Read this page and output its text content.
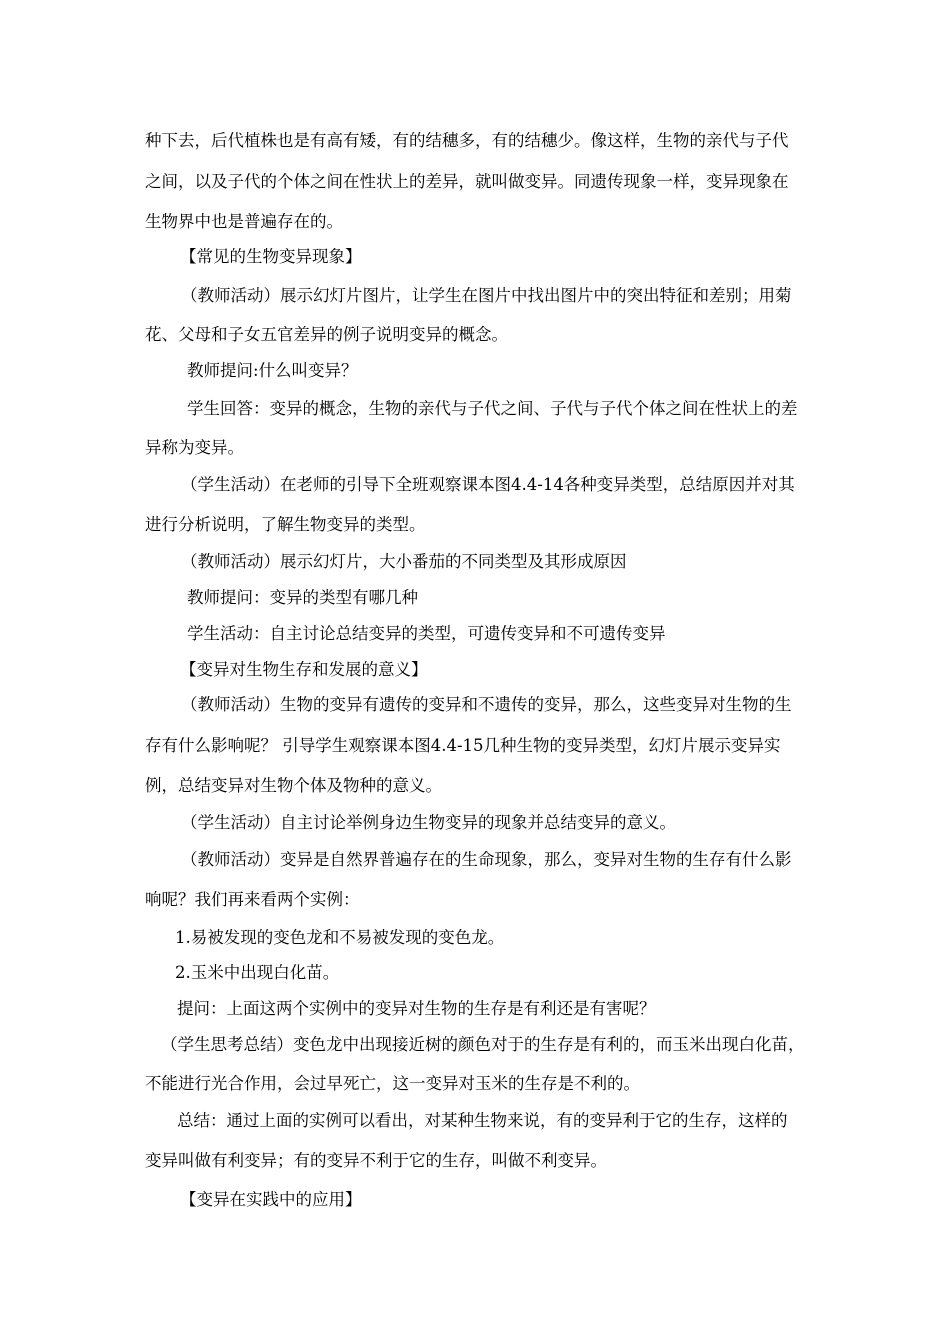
种下去，后代植株也是有高有矮，有的结穗多，有的结穗少。像这样，生物的亲代与子代
之间，以及子代的个体之间在性状上的差异，就叫做变异。同遗传现象一样，变异现象在
生物界中也是普遍存在的。
【常见的生物变异现象】
（教师活动）展示幻灯片图片，让学生在图片中找出图片中的突出特征和差别；用菊
花、父母和子女五官差异的例子说明变异的概念。
教师提问:什么叫变异？
学生回答：变异的概念，生物的亲代与子代之间、子代与子代个体之间在性状上的差
异称为变异。
（学生活动）在老师的引导下全班观察课本图4.4-14各种变异类型，总结原因并对其
进行分析说明，了解生物变异的类型。
（教师活动）展示幻灯片，大小番茄的不同类型及其形成原因
教师提问：变异的类型有哪几种
学生活动：自主讨论总结变异的类型，可遗传变异和不可遗传变异
【变异对生物生存和发展的意义】
（教师活动）生物的变异有遗传的变异和不遗传的变异，那么，这些变异对生物的生
存有什么影响呢？ 引导学生观察课本图4.4-15几种生物的变异类型，幻灯片展示变异实
例，总结变异对生物个体及物种的意义。
（学生活动）自主讨论举例身边生物变异的现象并总结变异的意义。
（教师活动）变异是自然界普遍存在的生命现象，那么，变异对生物的生存有什么影
响呢？我们再来看两个实例：
1.易被发现的变色龙和不易被发现的变色龙。
2.玉米中出现白化苗。
提问：上面这两个实例中的变异对生物的生存是有利还是有害呢？
（学生思考总结）变色龙中出现接近树的颜色对于的生存是有利的，而玉米出现白化苗，
不能进行光合作用，会过早死亡，这一变异对玉米的生存是不利的。
总结：通过上面的实例可以看出，对某种生物来说，有的变异利于它的生存，这样的
变异叫做有利变异；有的变异不利于它的生存，叫做不利变异。
【变异在实践中的应用】
